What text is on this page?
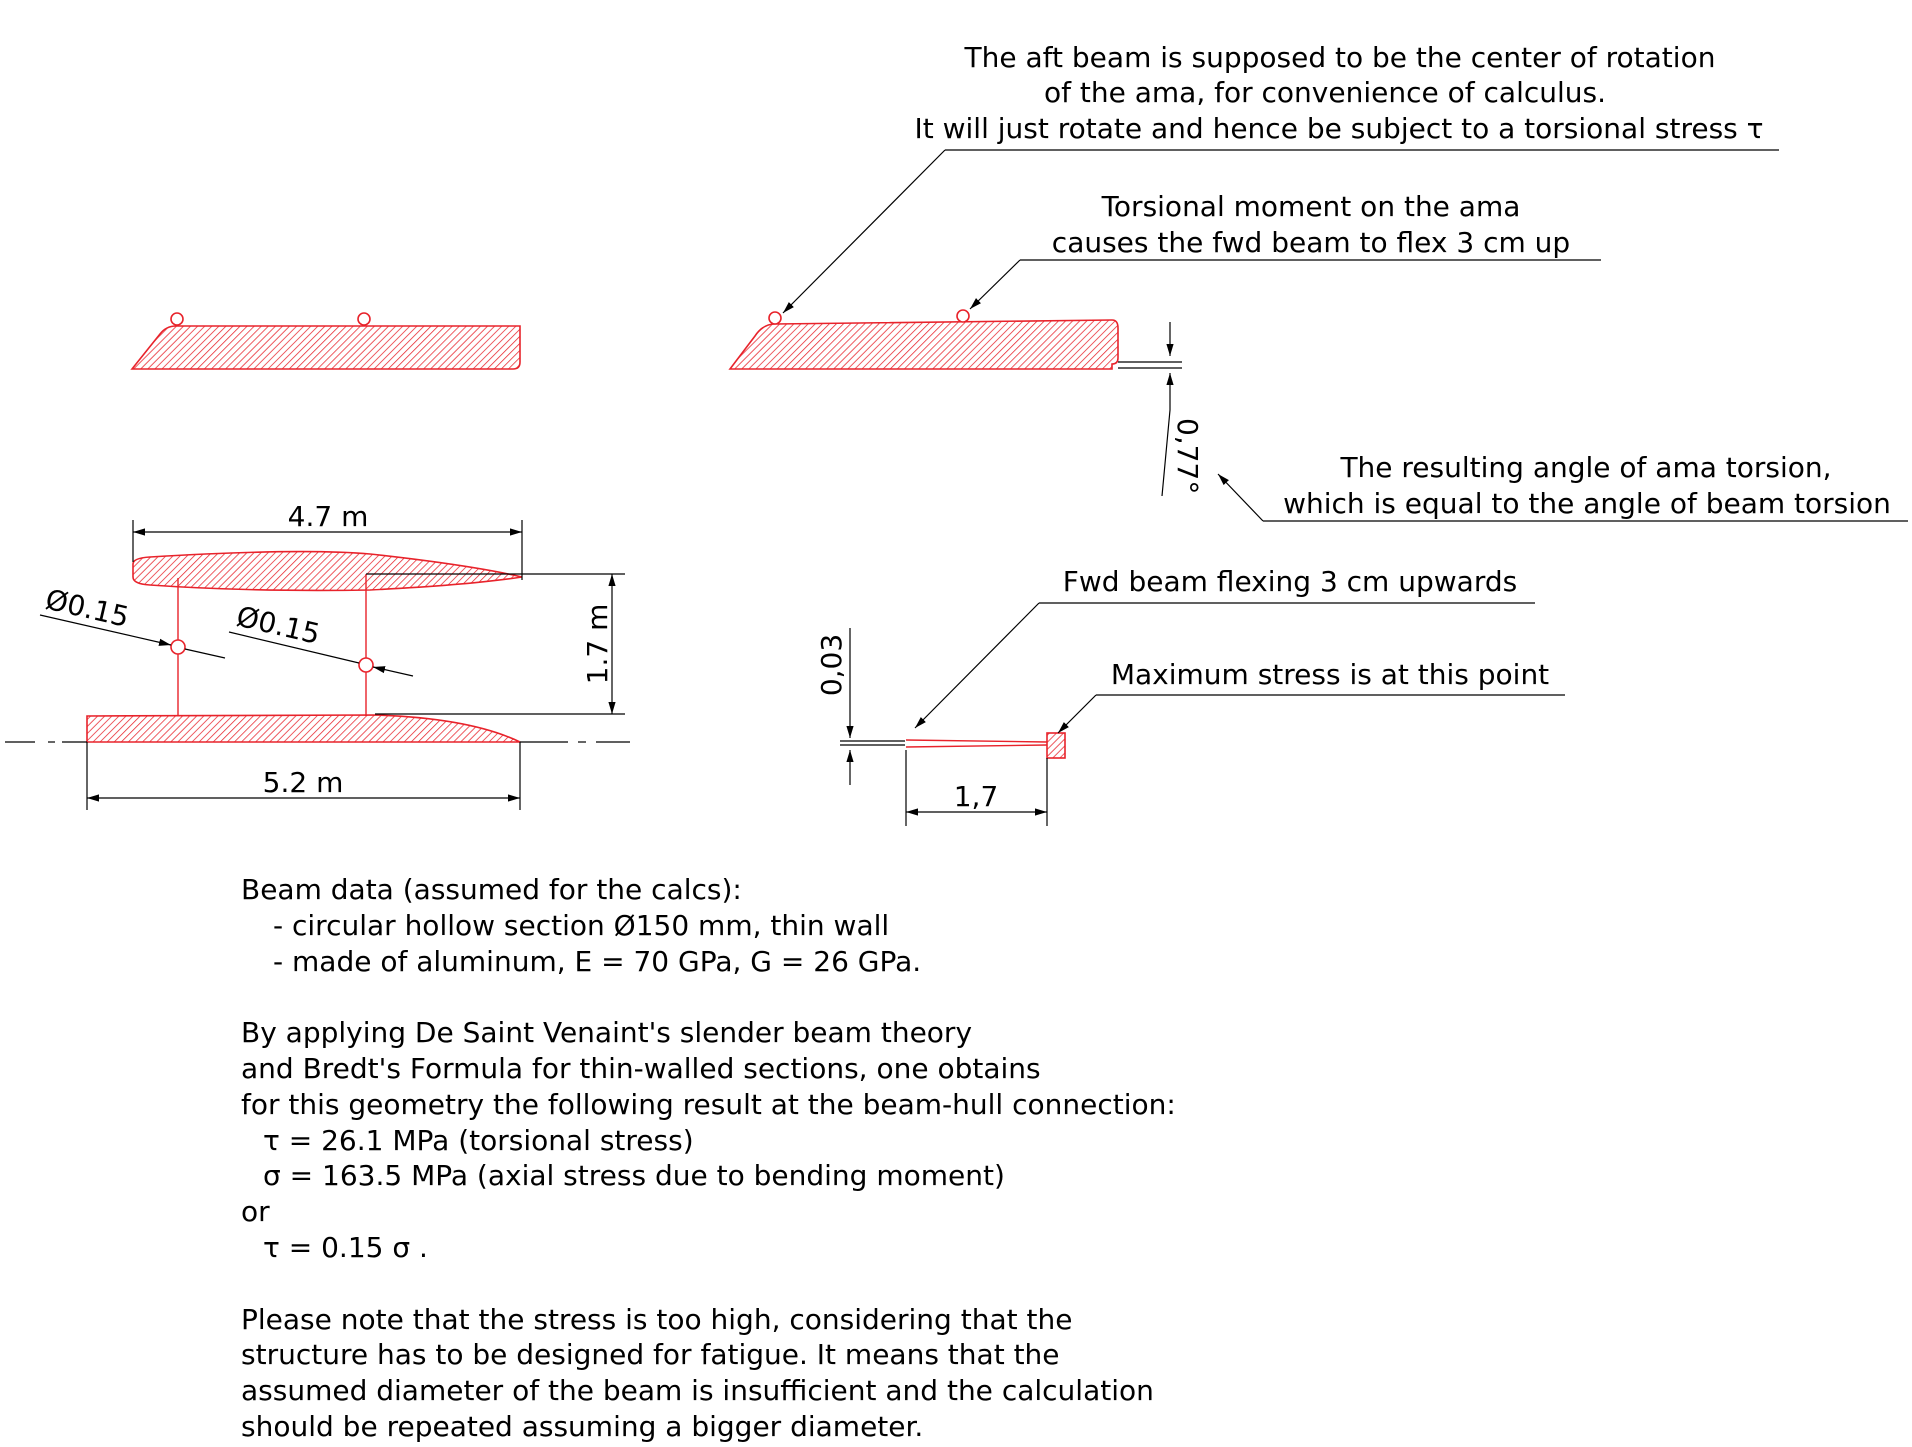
The aft beam is supposed to be the center of rotation
of the ama, for convenience of calculus.
It will just rotate and hence be subject to a torsional stress τ
Torsional moment on the ama
causes the fwd beam to flex 3 cm up
0,77°	The resulting angle of ama torsion,
which is equal to the angle of beam torsion
4.7 m
5.2 m
1.7 m
Ø0.15	Ø0.15
0,03
1,7
Fwd beam flexing 3 cm upwards
Maximum stress is at this point
Beam data (assumed for the calcs):
- circular hollow section Ø150 mm, thin wall
- made of aluminum, E = 70 GPa, G = 26 GPa.
By applying De Saint Venaint's slender beam theory
and Bredt's Formula for thin-walled sections, one obtains
for this geometry the following result at the beam-hull connection:
τ = 26.1 MPa (torsional stress)
σ = 163.5 MPa (axial stress due to bending moment)
or
τ = 0.15 σ .
Please note that the stress is too high, considering that the
structure has to be designed for fatigue. It means that the
assumed diameter of the beam is insufficient and the calculation
should be repeated assuming a bigger diameter.
